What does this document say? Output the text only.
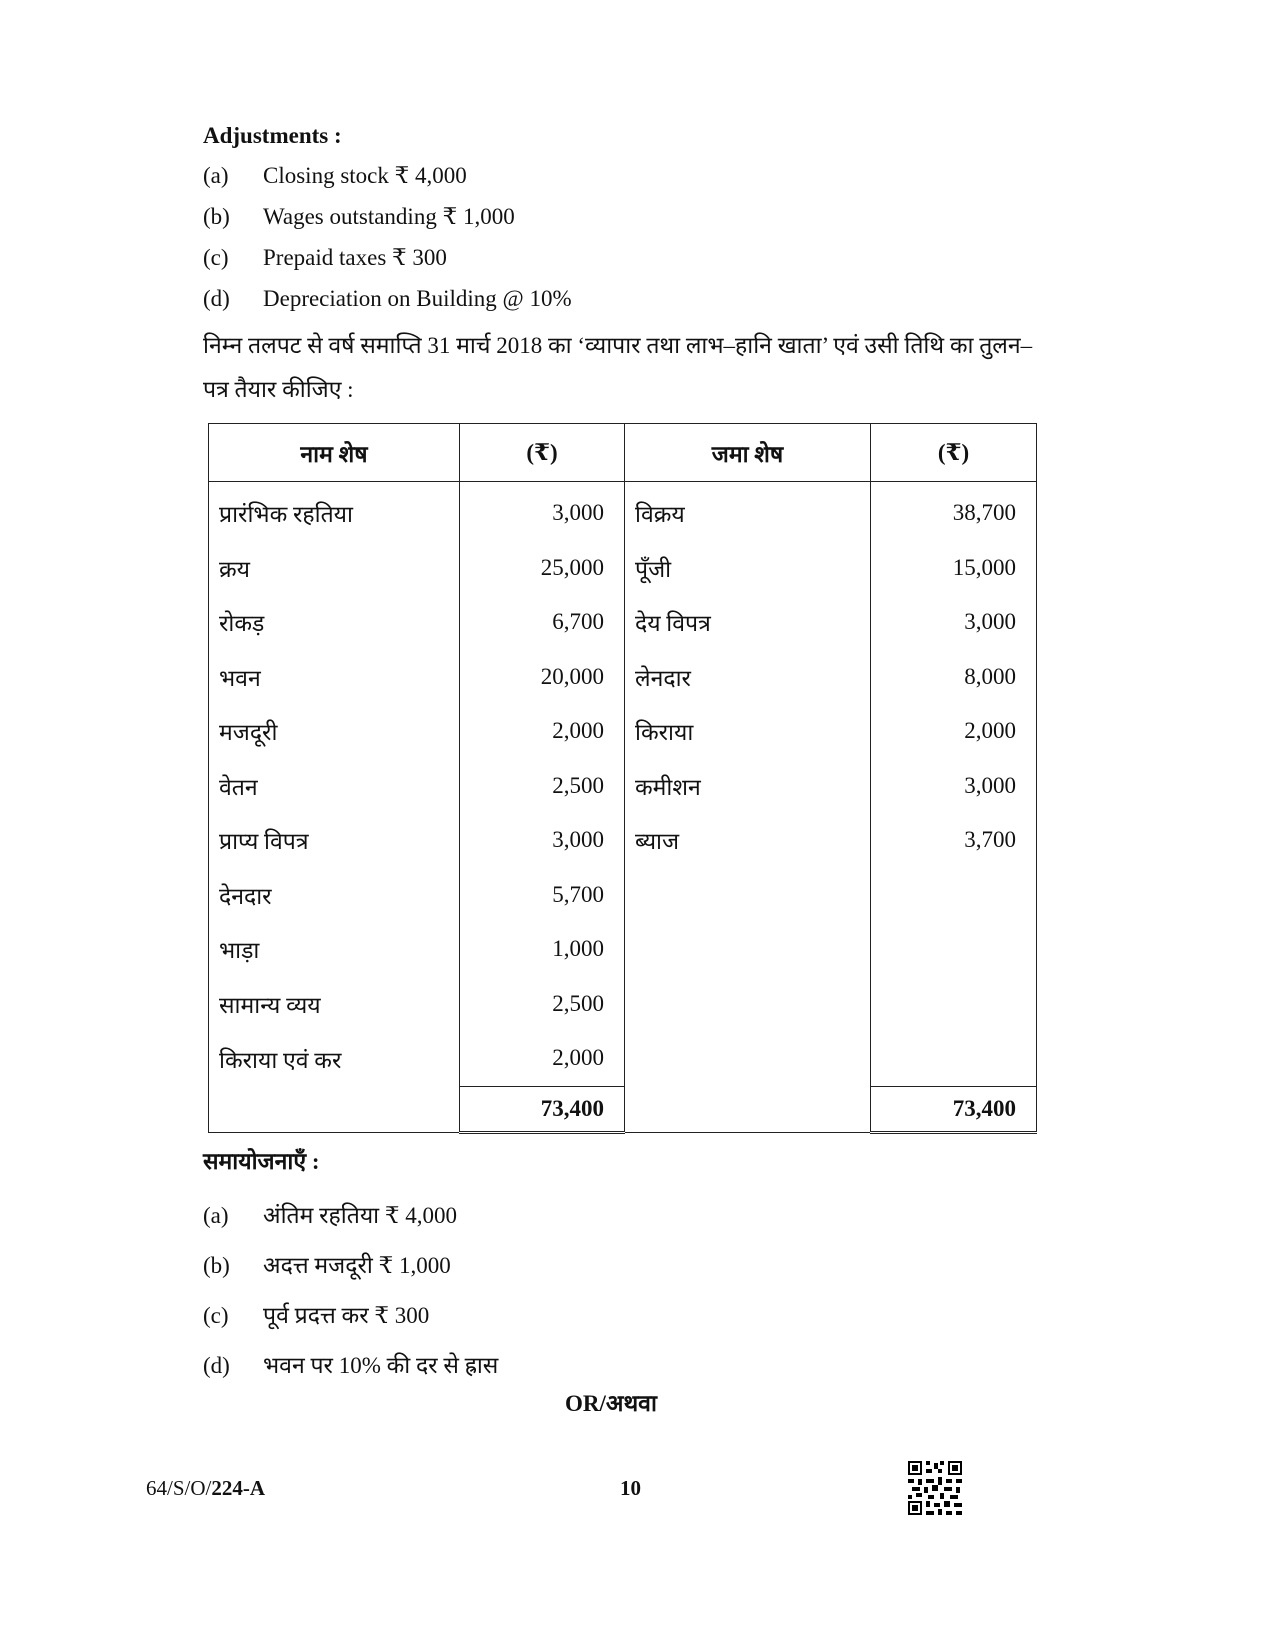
Adjustments :
(a) Closing stock ₹ 4,000
(b) Wages outstanding ₹ 1,000
(c) Prepaid taxes ₹ 300
(d) Depreciation on Building @ 10%
निम्न तलपट से वर्ष समाप्ति 31 मार्च 2018 का ‘व्यापार तथा लाभ–हानि खाता’ एवं उसी तिथि का तुलन–
पत्र तैयार कीजिए :
नाम शेष	(₹)	जमा शेष	(₹)
प्रारंभिक रहतिया	3,000	विक्रय	38,700
क्रय	25,000	पूँजी	15,000
रोकड़	6,700	देय विपत्र	3,000
भवन	20,000	लेनदार	8,000
मजदूरी	2,000	किराया	2,000
वेतन	2,500	कमीशन	3,000
प्राप्य विपत्र	3,000	ब्याज	3,700
देनदार	5,700		
भाड़ा	1,000		
सामान्य व्यय	2,500		
किराया एवं कर	2,000		
	73,400		73,400
समायोजनाएँ :
(a) अंतिम रहतिया ₹ 4,000
(b) अदत्त मजदूरी ₹ 1,000
(c) पूर्व प्रदत्त कर ₹ 300
(d) भवन पर 10% की दर से ह्रास
OR/अथवा
64/S/O/224-A	10
